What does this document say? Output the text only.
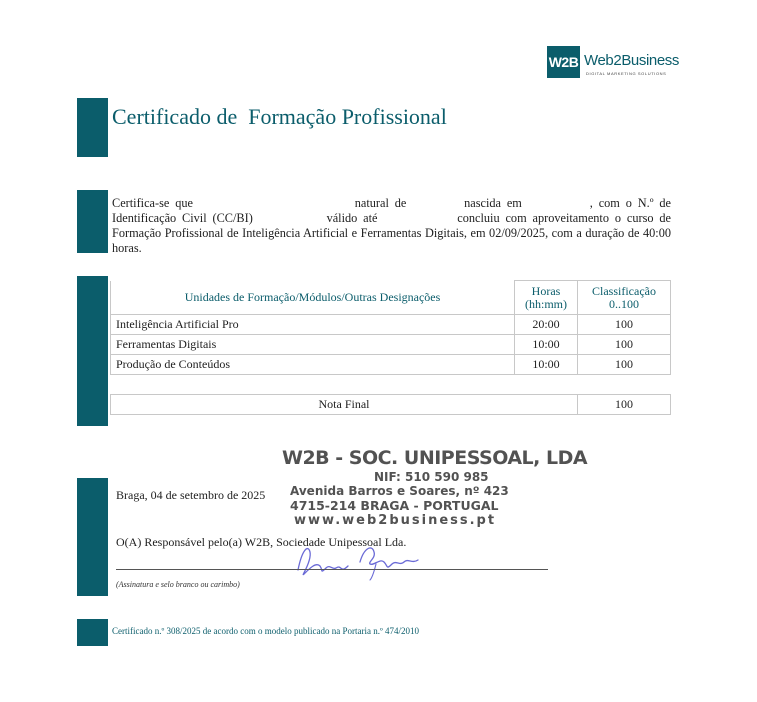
W2B Web2Business
DIGITAL MARKETING SOLUTIONS
Certificado de  Formação Profissional
Certifica-se que	natural de	nascida em	, com o N.º de Identificação Civil (CC/BI)	válido até	concluiu com aproveitamento o curso de Formação Profissional de Inteligência Artificial e Ferramentas Digitais, em 02/09/2025, com a duração de 40:00 horas.
Unidades de Formação/Módulos/Outras Designações	Horas (hh:mm)	Classificação 0..100
Inteligência Artificial Pro	20:00	100
Ferramentas Digitais	10:00	100
Produção de Conteúdos	10:00	100

Nota Final		100
W2B - SOC. UNIPESSOAL, LDA
NIF: 510 590 985
Avenida Barros e Soares, nº 423
4715-214 BRAGA - PORTUGAL
www.web2business.pt
Braga, 04 de setembro de 2025
O(A) Responsável pelo(a) W2B, Sociedade Unipessoal Lda.
(Assinatura e selo branco ou carimbo)
Certificado n.º 308/2025 de acordo com o modelo publicado na Portaria n.º 474/2010
